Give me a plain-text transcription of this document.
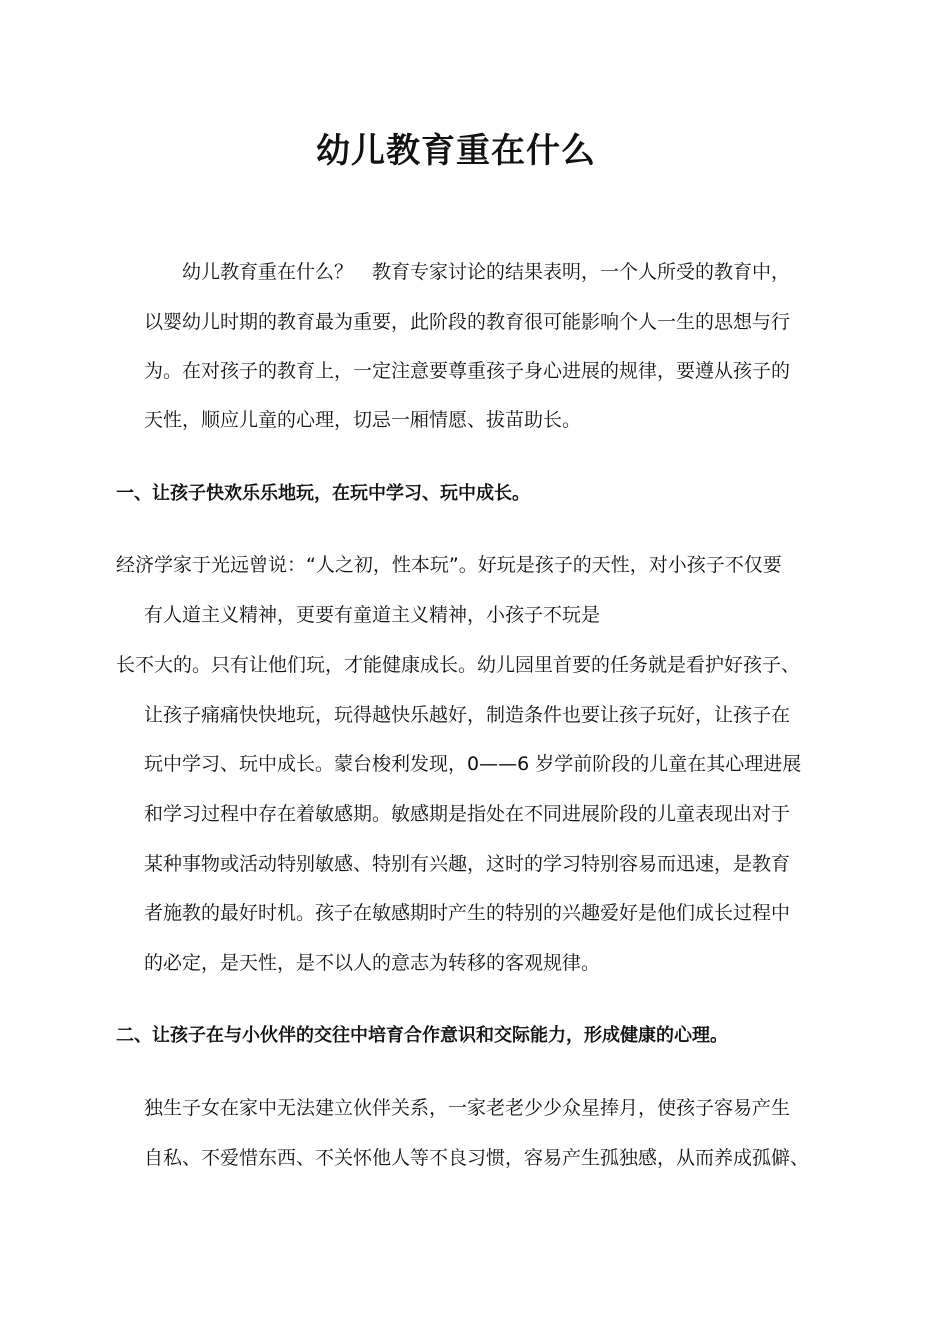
幼儿教育重在什么
幼儿教育重在什么？　教育专家讨论的结果表明，一个人所受的教育中，
以婴幼儿时期的教育最为重要，此阶段的教育很可能影响个人一生的思想与行
为。在对孩子的教育上，一定注意要尊重孩子身心进展的规律，要遵从孩子的
天性，顺应儿童的心理，切忌一厢情愿、拔苗助长。
一、让孩子快欢乐乐地玩，在玩中学习、玩中成长。
经济学家于光远曾说：“人之初，性本玩”。好玩是孩子的天性，对小孩子不仅要
有人道主义精神，更要有童道主义精神，小孩子不玩是
长不大的。只有让他们玩，才能健康成长。幼儿园里首要的任务就是看护好孩子、
让孩子痛痛快快地玩，玩得越快乐越好，制造条件也要让孩子玩好，让孩子在
玩中学习、玩中成长。蒙台梭利发现，0——6 岁学前阶段的儿童在其心理进展
和学习过程中存在着敏感期。敏感期是指处在不同进展阶段的儿童表现出对于
某种事物或活动特别敏感、特别有兴趣，这时的学习特别容易而迅速，是教育
者施教的最好时机。孩子在敏感期时产生的特别的兴趣爱好是他们成长过程中
的必定，是天性，是不以人的意志为转移的客观规律。
二、让孩子在与小伙伴的交往中培育合作意识和交际能力，形成健康的心理。
独生子女在家中无法建立伙伴关系，一家老老少少众星捧月，使孩子容易产生
自私、不爱惜东西、不关怀他人等不良习惯，容易产生孤独感，从而养成孤僻、
